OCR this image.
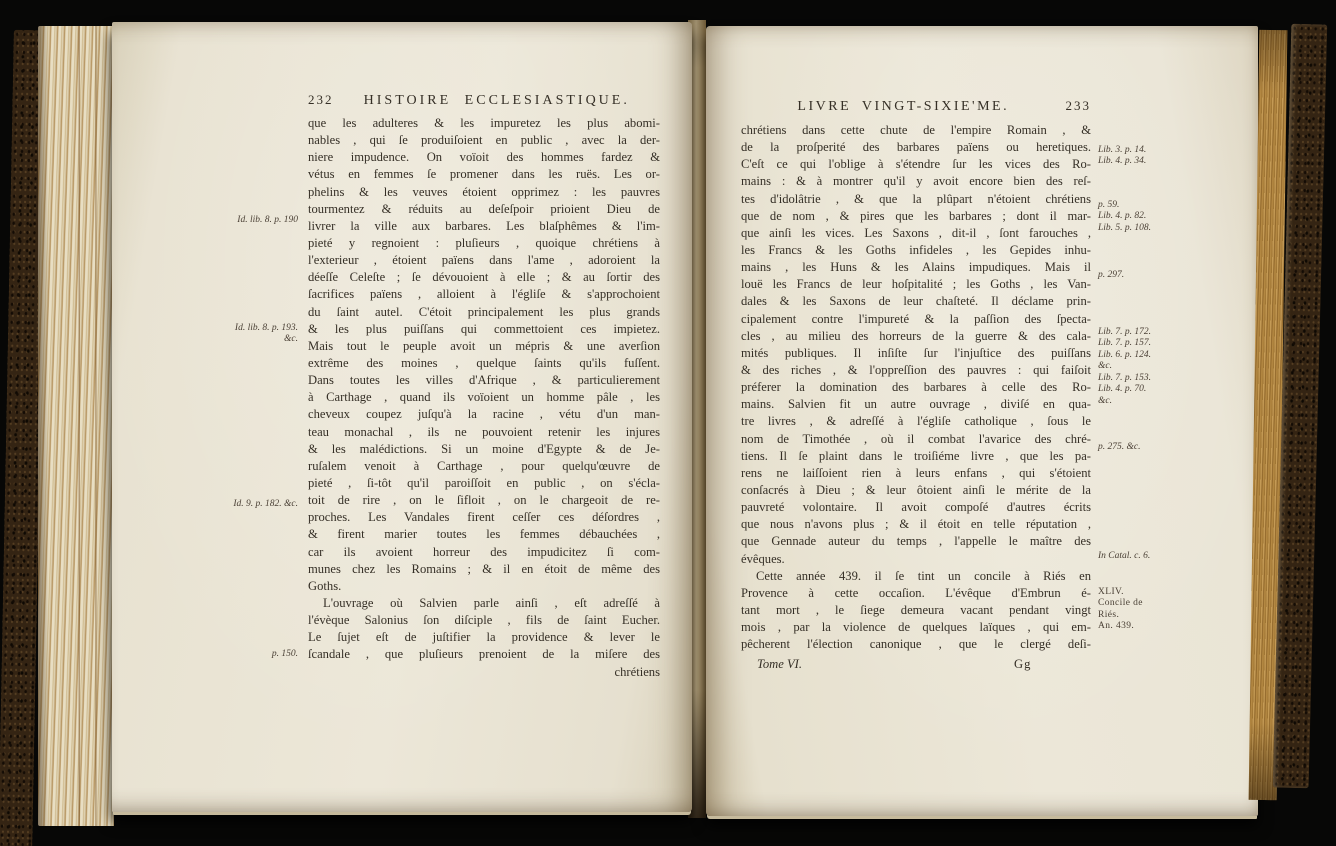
232	HISTOIRE ECCLESIASTIQUE.
que les adulteres & les impuretez les plus abomi-
nables , qui ſe produiſoient en public , avec la der-
niere impudence. On voïoit des hommes fardez &
vétus en femmes ſe promener dans les ruës. Les or-
phelins & les veuves étoient opprimez : les pauvres
tourmentez & réduits au deſeſpoir prioient Dieu de
livrer la ville aux barbares. Les blaſphêmes & l'im-
pieté y regnoient : pluſieurs , quoique chrétiens à
l'exterieur , étoient païens dans l'ame , adoroient la
déeſſe Celeſte ; ſe dévouoient à elle ; & au ſortir des
ſacrifices païens , alloient à l'égliſe & s'approchoient
du ſaint autel. C'étoit principalement les plus grands
& les plus puiſſans qui commettoient ces impietez.
Mais tout le peuple avoit un mépris & une averſion
extrême des moines , quelque ſaints qu'ils fuſſent.
Dans toutes les villes d'Afrique , & particulierement
à Carthage , quand ils voïoient un homme pâle , les
cheveux coupez juſqu'à la racine , vétu d'un man-
teau monachal , ils ne pouvoient retenir les injures
& les malédictions. Si un moine d'Egypte & de Je-
ruſalem venoit à Carthage , pour quelqu'œuvre de
pieté , ſi-tôt qu'il paroiſſoit en public , on s'écla-
toit de rire , on le ſifloit , on le chargeoit de re-
proches. Les Vandales firent ceſſer ces déſordres ,
& firent marier toutes les femmes débauchées ,
car ils avoient horreur des impudicitez ſi com-
munes chez les Romains ; & il en étoit de même des
Goths.
L'ouvrage où Salvien parle ainſi , eſt adreſſé à
l'évèque Salonius ſon diſciple , fils de ſaint Eucher.
Le ſujet eſt de juſtifier la providence & lever le
ſcandale , que pluſieurs prenoient de la miſere des
chrétiens
Id. lib. 8. p. 190
Id. lib. 8. p. 193.
&c.
Id. 9. p. 182. &c.
p. 150.
LIVRE VINGT-SIXIE'ME.	233
chrétiens dans cette chute de l'empire Romain , &
de la proſperité des barbares païens ou heretiques.
C'eſt ce qui l'oblige à s'étendre ſur les vices des Ro-
mains : & à montrer qu'il y avoit encore bien des reſ-
tes d'idolâtrie , & que la plûpart n'étoient chrétiens
que de nom , & pires que les barbares ; dont il mar-
que ainſi les vices. Les Saxons , dit-il , ſont farouches ,
les Francs & les Goths infideles , les Gepides inhu-
mains , les Huns & les Alains impudiques. Mais il
louë les Francs de leur hoſpitalité ; les Goths , les Van-
dales & les Saxons de leur chaſteté. Il déclame prin-
cipalement contre l'impureté & la paſſion des ſpecta-
cles , au milieu des horreurs de la guerre & des cala-
mités publiques. Il inſiſte ſur l'injuſtice des puiſſans
& des riches , & l'oppreſſion des pauvres : qui faiſoit
préferer la domination des barbares à celle des Ro-
mains. Salvien fit un autre ouvrage , diviſé en qua-
tre livres , & adreſſé à l'égliſe catholique , ſous le
nom de Timothée , où il combat l'avarice des chré-
tiens. Il ſe plaint dans le troiſiéme livre , que les pa-
rens ne laiſſoient rien à leurs enfans , qui s'étoient
conſacrés à Dieu ; & leur ôtoient ainſi le mérite de la
pauvreté volontaire. Il avoit compoſé d'autres écrits
que nous n'avons plus ; & il étoit en telle réputation ,
que Gennade auteur du temps , l'appelle le maître des
évêques.
Cette année 439. il ſe tint un concile à Riés en
Provence à cette occaſion. L'évêque d'Embrun é-
tant mort , le ſiege demeura vacant pendant vingt
mois , par la violence de quelques laïques , qui em-
pêcherent l'élection canonique , que le clergé deſi-
Lib. 3. p. 14.
Lib. 4. p. 34.
p. 59.
Lib. 4. p. 82.
Lib. 5. p. 108.
p. 297.
Lib. 7. p. 172.
Lib. 7. p. 157.
Lib. 6. p. 124.
&c.
Lib. 7. p. 153.
Lib. 4. p. 70.
&c.
p. 275. &c.
In Catal. c. 6.
XLIV.
Concile de
Riés.
An. 439.
Tome VI.	Gg
